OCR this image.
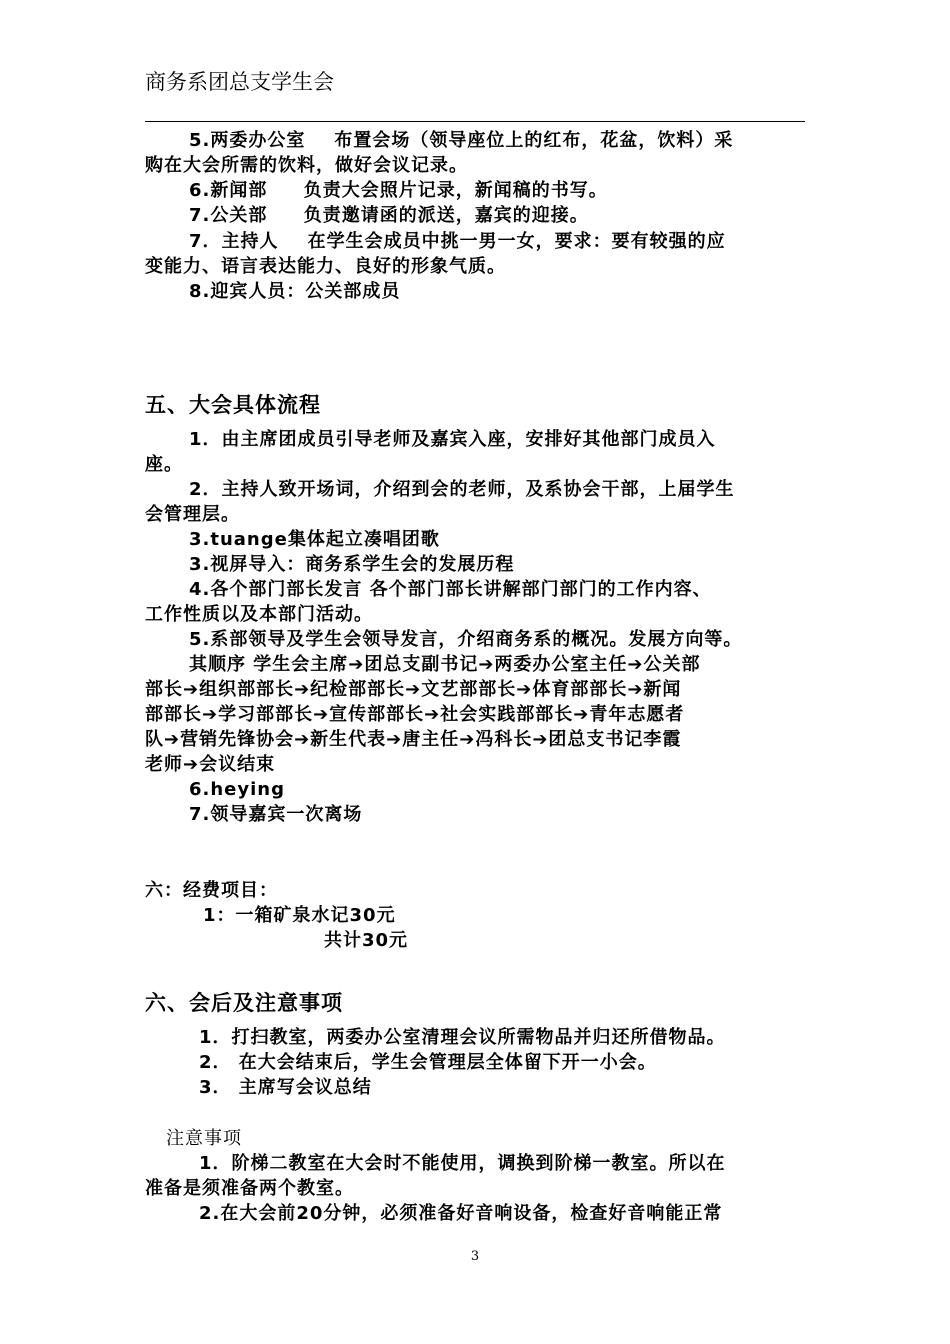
商务系团总支学生会
5.两委办公室    布置会场（领导座位上的红布，花盆，饮料）采
购在大会所需的饮料，做好会议记录。
6.新闻部     负责大会照片记录，新闻稿的书写。
7.公关部     负责邀请函的派送，嘉宾的迎接。
7．主持人    在学生会成员中挑一男一女，要求：要有较强的应
变能力、语言表达能力、良好的形象气质。
8.迎宾人员：公关部成员
五、大会具体流程
1．由主席团成员引导老师及嘉宾入座，安排好其他部门成员入
座。
2．主持人致开场词，介绍到会的老师，及系协会干部，上届学生
会管理层。
3.tuange集体起立凑唱团歌
3.视屏导入：商务系学生会的发展历程
4.各个部门部长发言 各个部门部长讲解部门部门的工作内容、
工作性质以及本部门活动。
5.系部领导及学生会领导发言，介绍商务系的概况。发展方向等。
其顺序 学生会主席➔团总支副书记➔两委办公室主任➔公关部
部长➔组织部部长➔纪检部部长➔文艺部部长➔体育部部长➔新闻
部部长➔学习部部长➔宣传部部长➔社会实践部部长➔青年志愿者
队➔营销先锋协会➔新生代表➔唐主任➔冯科长➔团总支书记李霞
老师➔会议结束
6.heying
7.领导嘉宾一次离场
六：经费项目：
1：一箱矿泉水记30元
共计30元
六、会后及注意事项
1．打扫教室，两委办公室清理会议所需物品并归还所借物品。
2． 在大会结束后，学生会管理层全体留下开一小会。
3． 主席写会议总结
注意事项
1．阶梯二教室在大会时不能使用，调换到阶梯一教室。所以在
准备是须准备两个教室。
2.在大会前20分钟，必须准备好音响设备，检查好音响能正常
3
